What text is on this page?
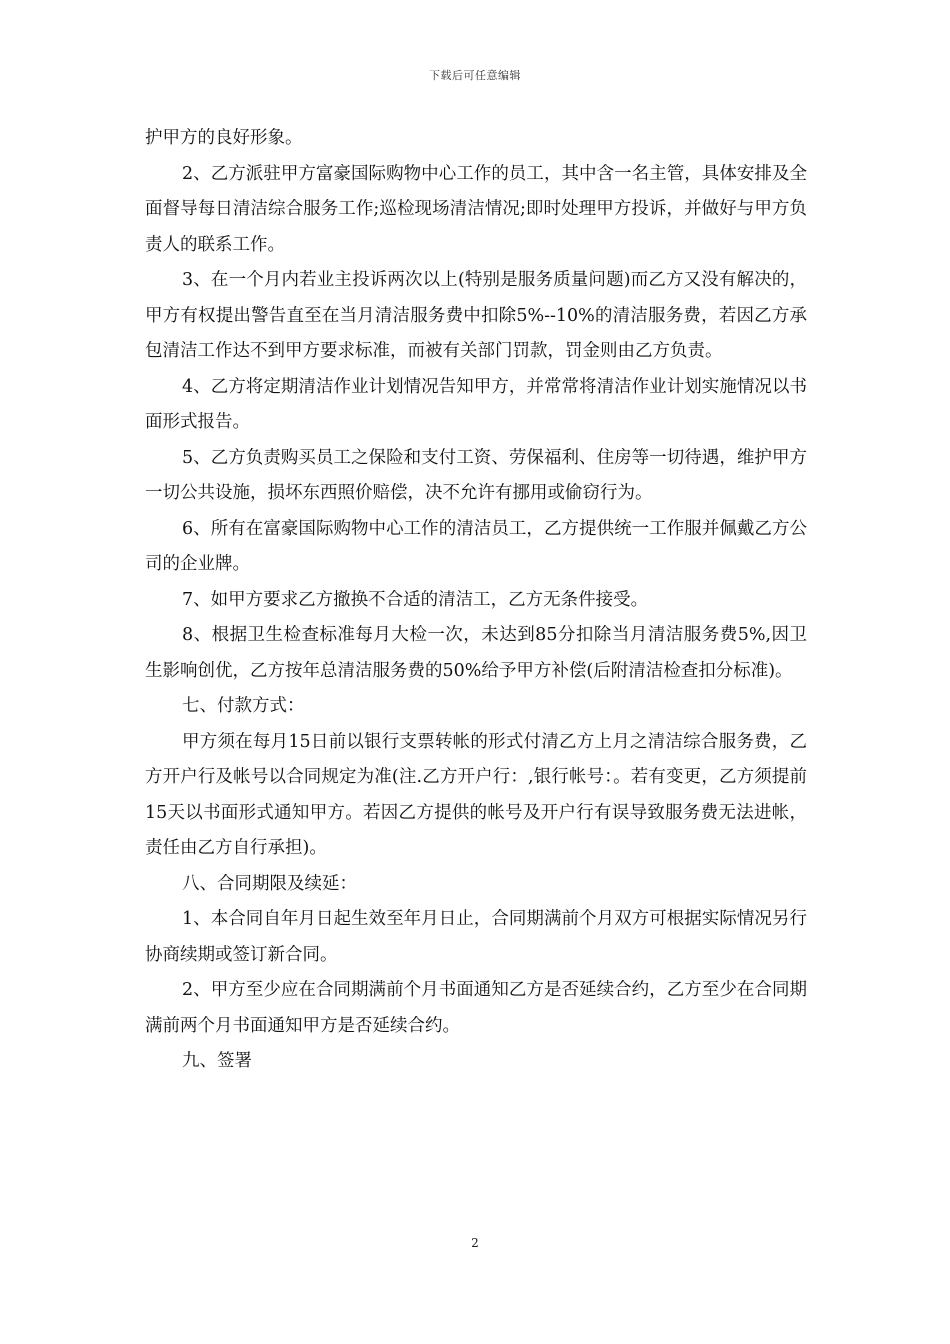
下载后可任意编辑

护甲方的良好形象。

2、乙方派驻甲方富豪国际购物中心工作的员工，其中含一名主管，具体安排及全面督导每日清洁综合服务工作;巡检现场清洁情况;即时处理甲方投诉，并做好与甲方负责人的联系工作。

3、在一个月内若业主投诉两次以上(特别是服务质量问题)而乙方又没有解决的，甲方有权提出警告直至在当月清洁服务费中扣除5%--10%的清洁服务费，若因乙方承包清洁工作达不到甲方要求标准，而被有关部门罚款，罚金则由乙方负责。

4、乙方将定期清洁作业计划情况告知甲方，并常常将清洁作业计划实施情况以书面形式报告。

5、乙方负责购买员工之保险和支付工资、劳保福利、住房等一切待遇，维护甲方一切公共设施，损坏东西照价赔偿，决不允许有挪用或偷窃行为。

6、所有在富豪国际购物中心工作的清洁员工，乙方提供统一工作服并佩戴乙方公司的企业牌。

7、如甲方要求乙方撤换不合适的清洁工，乙方无条件接受。

8、根据卫生检查标准每月大检一次，未达到85分扣除当月清洁服务费5%,因卫生影响创优，乙方按年总清洁服务费的50%给予甲方补偿(后附清洁检查扣分标准)。

七、付款方式：

甲方须在每月15日前以银行支票转帐的形式付清乙方上月之清洁综合服务费，乙方开户行及帐号以合同规定为准(注.乙方开户行：,银行帐号：。若有变更，乙方须提前15天以书面形式通知甲方。若因乙方提供的帐号及开户行有误导致服务费无法进帐，责任由乙方自行承担)。

八、合同期限及续延：

1、本合同自年月日起生效至年月日止，合同期满前个月双方可根据实际情况另行协商续期或签订新合同。

2、甲方至少应在合同期满前个月书面通知乙方是否延续合约，乙方至少在合同期满前两个月书面通知甲方是否延续合约。

九、签署

2
